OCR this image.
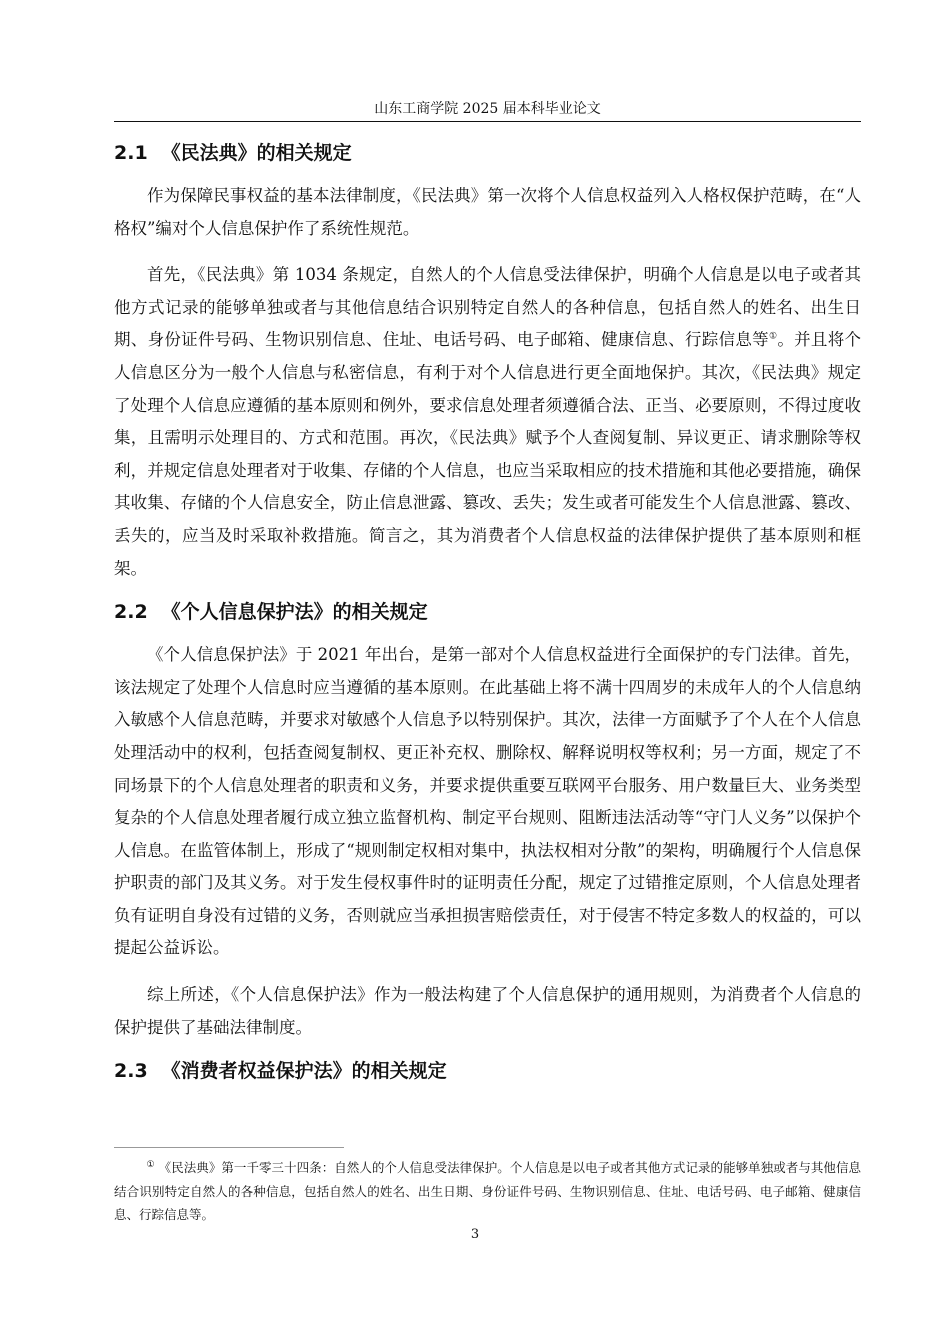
山东工商学院 2025 届本科毕业论文
2.1 《民法典》的相关规定

作为保障民事权益的基本法律制度，《民法典》第一次将个人信息权益列入人格权保护范畴，在“人格权”编对个人信息保护作了系统性规范。

首先，《民法典》第 1034 条规定，自然人的个人信息受法律保护，明确个人信息是以电子或者其他方式记录的能够单独或者与其他信息结合识别特定自然人的各种信息，包括自然人的姓名、出生日期、身份证件号码、生物识别信息、住址、电话号码、电子邮箱、健康信息、行踪信息等①。并且将个人信息区分为一般个人信息与私密信息，有利于对个人信息进行更全面地保护。其次，《民法典》规定了处理个人信息应遵循的基本原则和例外，要求信息处理者须遵循合法、正当、必要原则，不得过度收集，且需明示处理目的、方式和范围。再次，《民法典》赋予个人查阅复制、异议更正、请求删除等权利，并规定信息处理者对于收集、存储的个人信息，也应当采取相应的技术措施和其他必要措施，确保其收集、存储的个人信息安全，防止信息泄露、篡改、丢失；发生或者可能发生个人信息泄露、篡改、丢失的，应当及时采取补救措施。简言之，其为消费者个人信息权益的法律保护提供了基本原则和框架。

2.2 《个人信息保护法》的相关规定

《个人信息保护法》于 2021 年出台，是第一部对个人信息权益进行全面保护的专门法律。首先，该法规定了处理个人信息时应当遵循的基本原则。在此基础上将不满十四周岁的未成年人的个人信息纳入敏感个人信息范畴，并要求对敏感个人信息予以特别保护。其次，法律一方面赋予了个人在个人信息处理活动中的权利，包括查阅复制权、更正补充权、删除权、解释说明权等权利；另一方面，规定了不同场景下的个人信息处理者的职责和义务，并要求提供重要互联网平台服务、用户数量巨大、业务类型复杂的个人信息处理者履行成立独立监督机构、制定平台规则、阻断违法活动等“守门人义务”以保护个人信息。在监管体制上，形成了“规则制定权相对集中，执法权相对分散”的架构，明确履行个人信息保护职责的部门及其义务。对于发生侵权事件时的证明责任分配，规定了过错推定原则，个人信息处理者负有证明自身没有过错的义务，否则就应当承担损害赔偿责任，对于侵害不特定多数人的权益的，可以提起公益诉讼。

综上所述，《个人信息保护法》作为一般法构建了个人信息保护的通用规则，为消费者个人信息的保护提供了基础法律制度。

2.3 《消费者权益保护法》的相关规定
① 《民法典》第一千零三十四条：自然人的个人信息受法律保护。个人信息是以电子或者其他方式记录的能够单独或者与其他信息结合识别特定自然人的各种信息，包括自然人的姓名、出生日期、身份证件号码、生物识别信息、住址、电话号码、电子邮箱、健康信息、行踪信息等。
3
